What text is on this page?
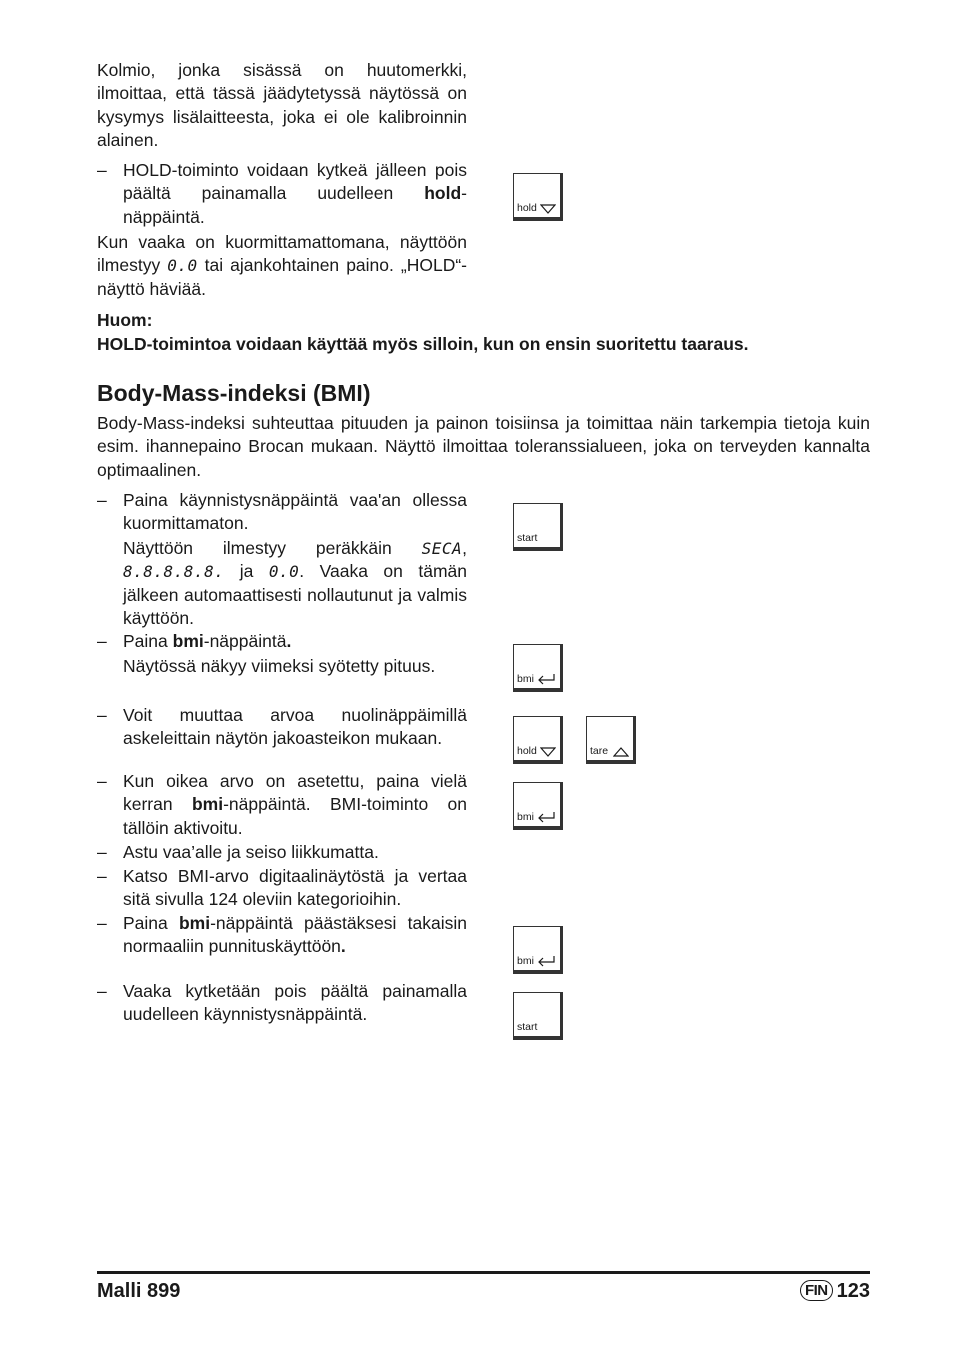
Kolmio, jonka sisässä on huutomerkki, ilmoittaa, että tässä jäädytetyssä näytössä on kysymys lisälaitteesta, joka ei ole kalibroinnin alainen.
– HOLD-toiminto voidaan kytkeä jälleen pois päältä painamalla uudelleen hold-näppäintä.
Kun vaaka on kuormittamattomana, näyttöön ilmestyy 0.0 tai ajankohtainen paino. „HOLD“-näyttö häviää.
Huom:
HOLD-toimintoa voidaan käyttää myös silloin, kun on ensin suoritettu taaraus.
hold
Body-Mass-indeksi (BMI)
Body-Mass-indeksi suhteuttaa pituuden ja painon toisiinsa ja toimittaa näin tarkempia tietoja kuin esim. ihannepaino Brocan mukaan. Näyttö ilmoittaa toleranssialueen, joka on terveyden kannalta optimaalinen.
– Paina käynnistysnäppäintä vaa'an ollessa kuormittamaton.
Näyttöön ilmestyy peräkkäin SECA, 8.8.8.8.8. ja 0.0. Vaaka on tämän jälkeen automaattisesti nollautunut ja valmis käyttöön.
– Paina bmi-näppäintä.
Näytössä näkyy viimeksi syötetty pituus.
– Voit muuttaa arvoa nuolinäppäimillä askeleittain näytön jakoasteikon mukaan.
– Kun oikea arvo on asetettu, paina vielä kerran bmi-näppäintä. BMI-toiminto on tällöin aktivoitu.
– Astu vaa’alle ja seiso liikkumatta.
– Katso BMI-arvo digitaalinäytöstä ja vertaa sitä sivulla 124 oleviin kategorioihin.
– Paina bmi-näppäintä päästäksesi takaisin normaaliin punnituskäyttöön.
– Vaaka kytketään pois päältä painamalla uudelleen käynnistysnäppäintä.
start
bmi
hold	tare
bmi
bmi
start
Malli 899	FIN 123
